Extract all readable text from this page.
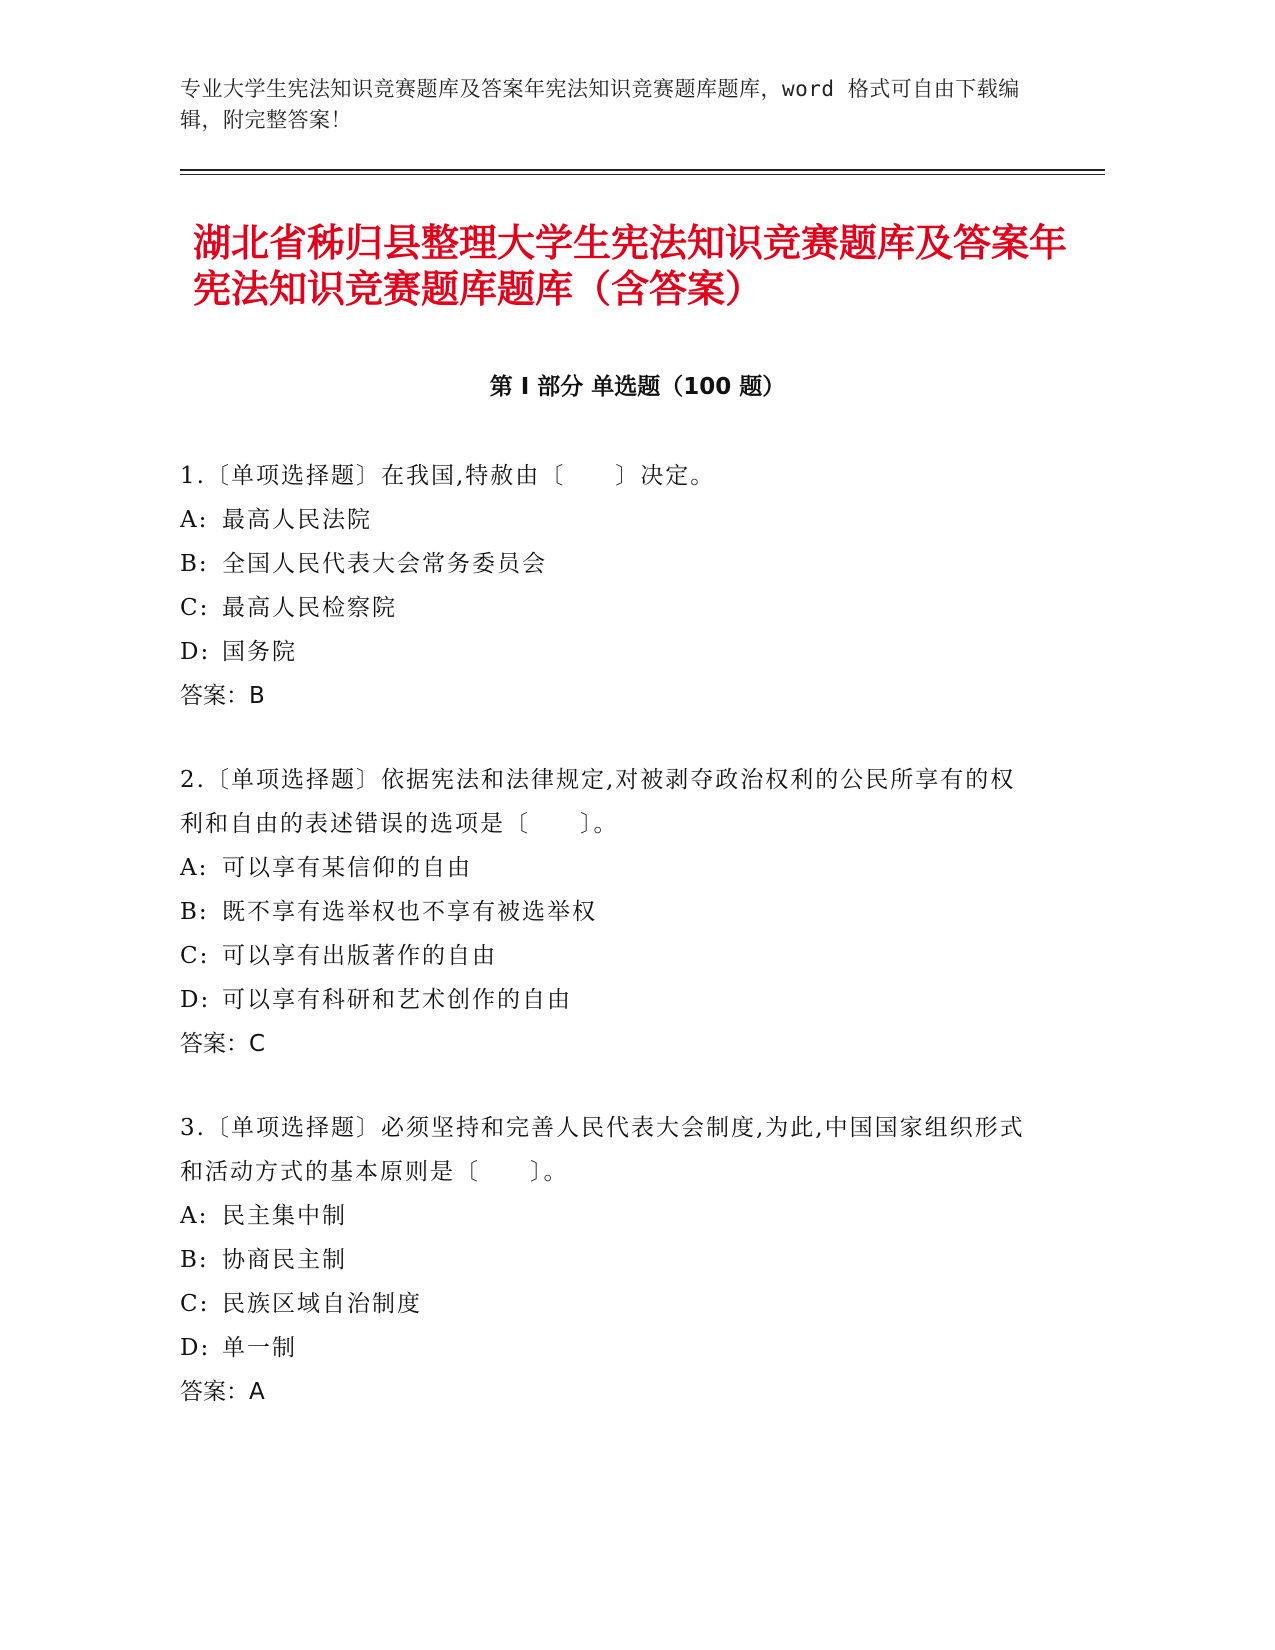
专业大学生宪法知识竞赛题库及答案年宪法知识竞赛题库题库，word 格式可自由下载编辑，附完整答案！
湖北省秭归县整理大学生宪法知识竞赛题库及答案年宪法知识竞赛题库题库（含答案）
第 I 部分 单选题（100 题）

1.〔单项选择题〕在我国,特赦由〔　　〕决定。

A: 最高人民法院

B: 全国人民代表大会常务委员会

C: 最高人民检察院

D: 国务院

答案：B

2.〔单项选择题〕依据宪法和法律规定,对被剥夺政治权利的公民所享有的权利和自由的表述错误的选项是〔　　〕。

A: 可以享有某信仰的自由

B: 既不享有选举权也不享有被选举权

C: 可以享有出版著作的自由

D: 可以享有科研和艺术创作的自由

答案：C

3.〔单项选择题〕必须坚持和完善人民代表大会制度,为此,中国国家组织形式和活动方式的基本原则是〔　　〕。

A: 民主集中制

B: 协商民主制

C: 民族区域自治制度

D: 单一制

答案：A
